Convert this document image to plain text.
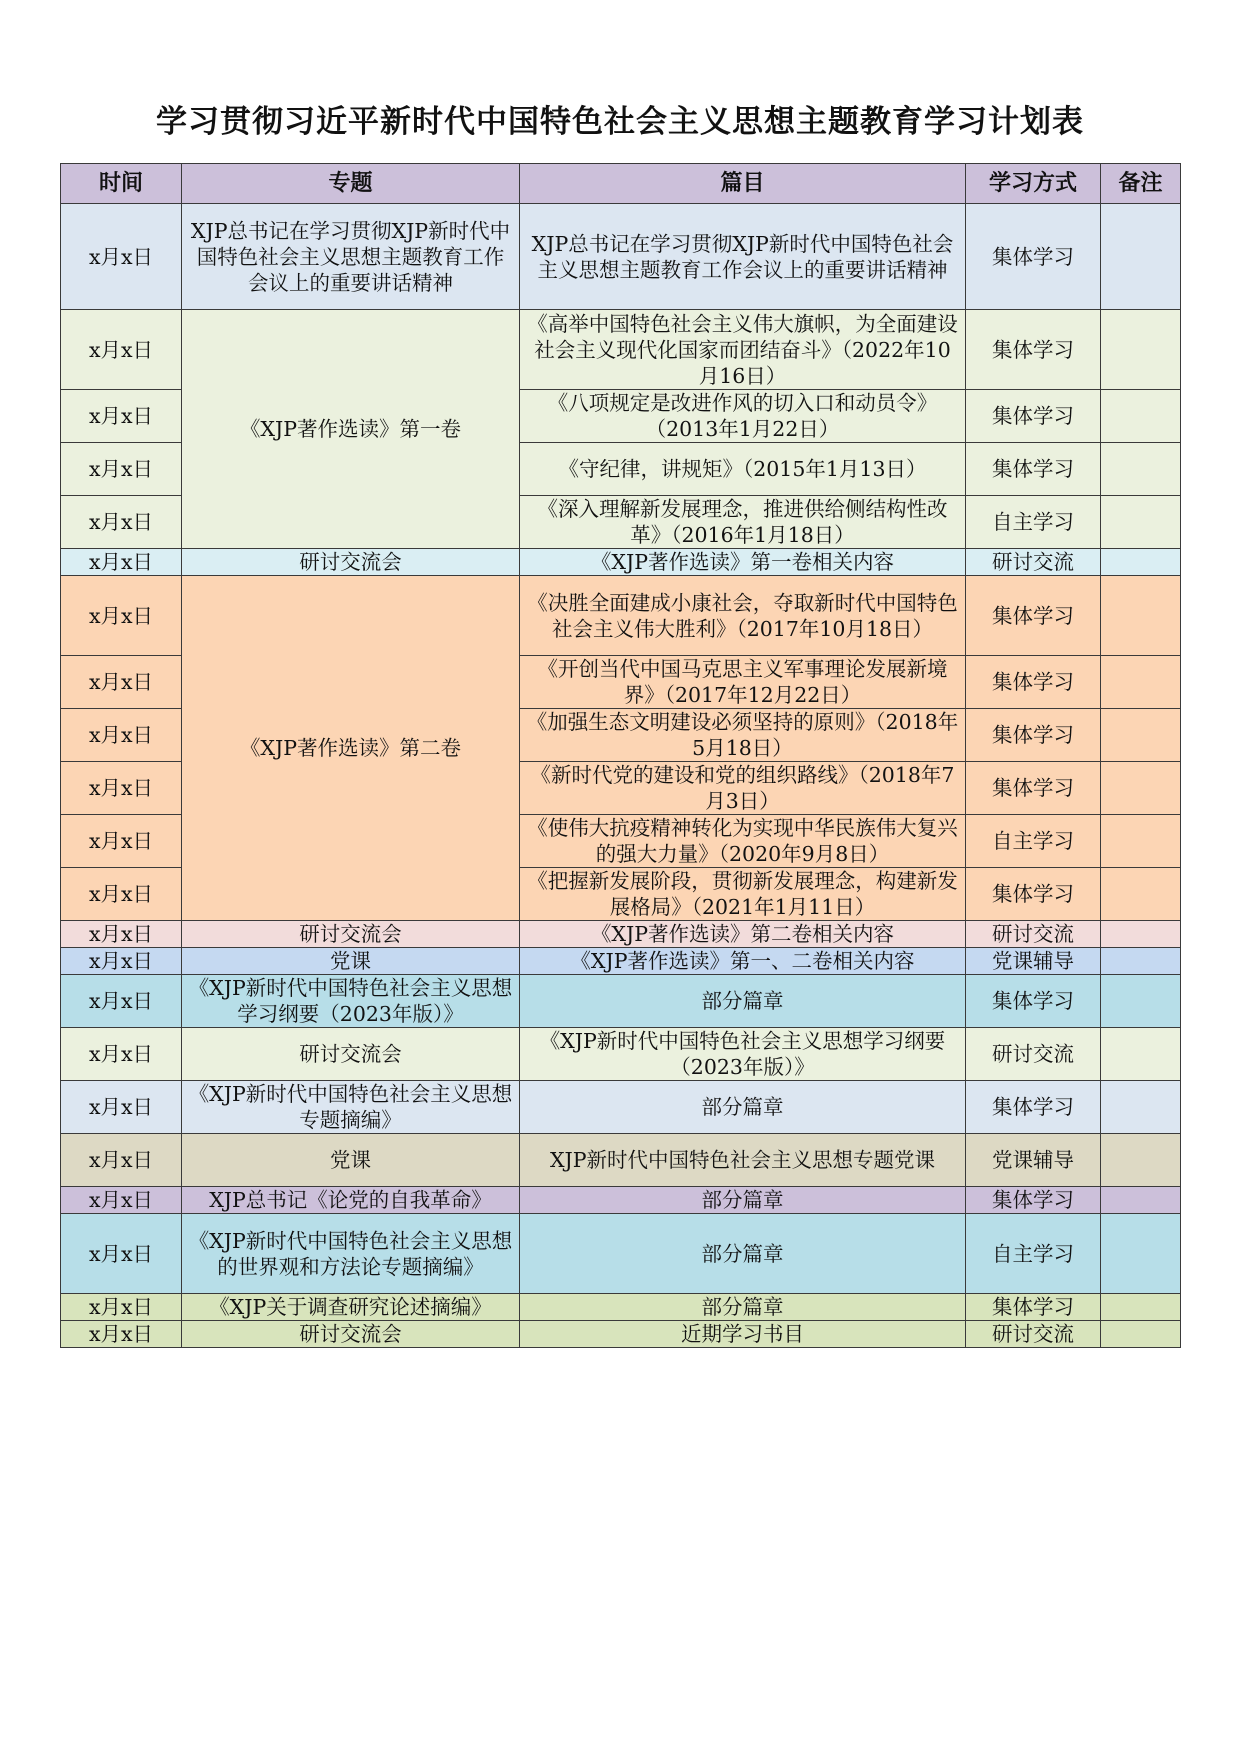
学习贯彻习近平新时代中国特色社会主义思想主题教育学习计划表
时间	专题	篇目	学习方式	备注
x月x日	XJP总书记在学习贯彻XJP新时代中国特色社会主义思想主题教育工作会议上的重要讲话精神	XJP总书记在学习贯彻XJP新时代中国特色社会主义思想主题教育工作会议上的重要讲话精神	集体学习	
x月x日	《XJP著作选读》第一卷	《高举中国特色社会主义伟大旗帜，为全面建设社会主义现代化国家而团结奋斗》（2022年10月16日）	集体学习	
x月x日		《八项规定是改进作风的切入口和动员令》（2013年1月22日）	集体学习	
x月x日		《守纪律，讲规矩》（2015年1月13日）	集体学习	
x月x日		《深入理解新发展理念，推进供给侧结构性改革》（2016年1月18日）	自主学习	
x月x日	研讨交流会	《XJP著作选读》第一卷相关内容	研讨交流	
x月x日	《XJP著作选读》第二卷	《决胜全面建成小康社会，夺取新时代中国特色社会主义伟大胜利》（2017年10月18日）	集体学习	
x月x日		《开创当代中国马克思主义军事理论发展新境界》（2017年12月22日）	集体学习	
x月x日		《加强生态文明建设必须坚持的原则》（2018年5月18日）	集体学习	
x月x日		《新时代党的建设和党的组织路线》（2018年7月3日）	集体学习	
x月x日		《使伟大抗疫精神转化为实现中华民族伟大复兴的强大力量》（2020年9月8日）	自主学习	
x月x日		《把握新发展阶段，贯彻新发展理念，构建新发展格局》（2021年1月11日）	集体学习	
x月x日	研讨交流会	《XJP著作选读》第二卷相关内容	研讨交流	
x月x日	党课	《XJP著作选读》第一、二卷相关内容	党课辅导	
x月x日	《XJP新时代中国特色社会主义思想学习纲要（2023年版）》	部分篇章	集体学习	
x月x日	研讨交流会	《XJP新时代中国特色社会主义思想学习纲要（2023年版）》	研讨交流	
x月x日	《XJP新时代中国特色社会主义思想专题摘编》	部分篇章	集体学习	
x月x日	党课	XJP新时代中国特色社会主义思想专题党课	党课辅导	
x月x日	XJP总书记《论党的自我革命》	部分篇章	集体学习	
x月x日	《XJP新时代中国特色社会主义思想的世界观和方法论专题摘编》	部分篇章	自主学习	
x月x日	《XJP关于调查研究论述摘编》	部分篇章	集体学习	
x月x日	研讨交流会	近期学习书目	研讨交流	
